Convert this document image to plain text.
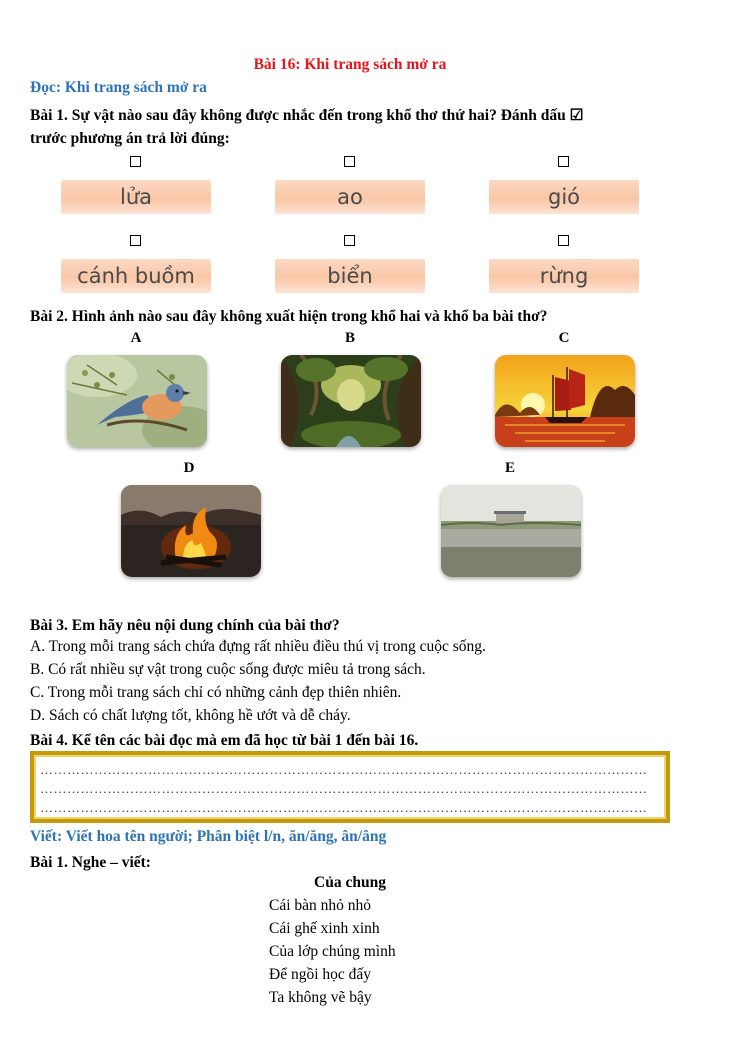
Bài 16: Khi trang sách mở ra
Đọc: Khi trang sách mở ra
Bài 1. Sự vật nào sau đây không được nhắc đến trong khổ thơ thứ hai? Đánh dấu ☑
trước phương án trả lời đúng:
lửa	ao	gió
cánh buồm	biển	rừng
Bài 2. Hình ảnh nào sau đây không xuất hiện trong khổ hai và khổ ba bài thơ?
A	B	C
D	E
Bài 3. Em hãy nêu nội dung chính của bài thơ?
A. Trong mỗi trang sách chứa đựng rất nhiều điều thú vị trong cuộc sống.
B. Có rất nhiều sự vật trong cuộc sống được miêu tả trong sách.
C. Trong mỗi trang sách chỉ có những cảnh đẹp thiên nhiên.
D. Sách có chất lượng tốt, không hề ướt và dễ cháy.
Bài 4. Kể tên các bài đọc mà em đã học từ bài 1 đến bài 16.
………………………………………………………………………………………………………………………
………………………………………………………………………………………………………………………
………………………………………………………………………………………………………………………
Viết: Viết hoa tên người; Phân biệt l/n, ăn/ăng, ân/âng
Bài 1. Nghe – viết:
Của chung
Cái bàn nhỏ nhỏ
Cái ghế xinh xinh
Của lớp chúng mình
Để ngồi học đấy
Ta không vẽ bậy
